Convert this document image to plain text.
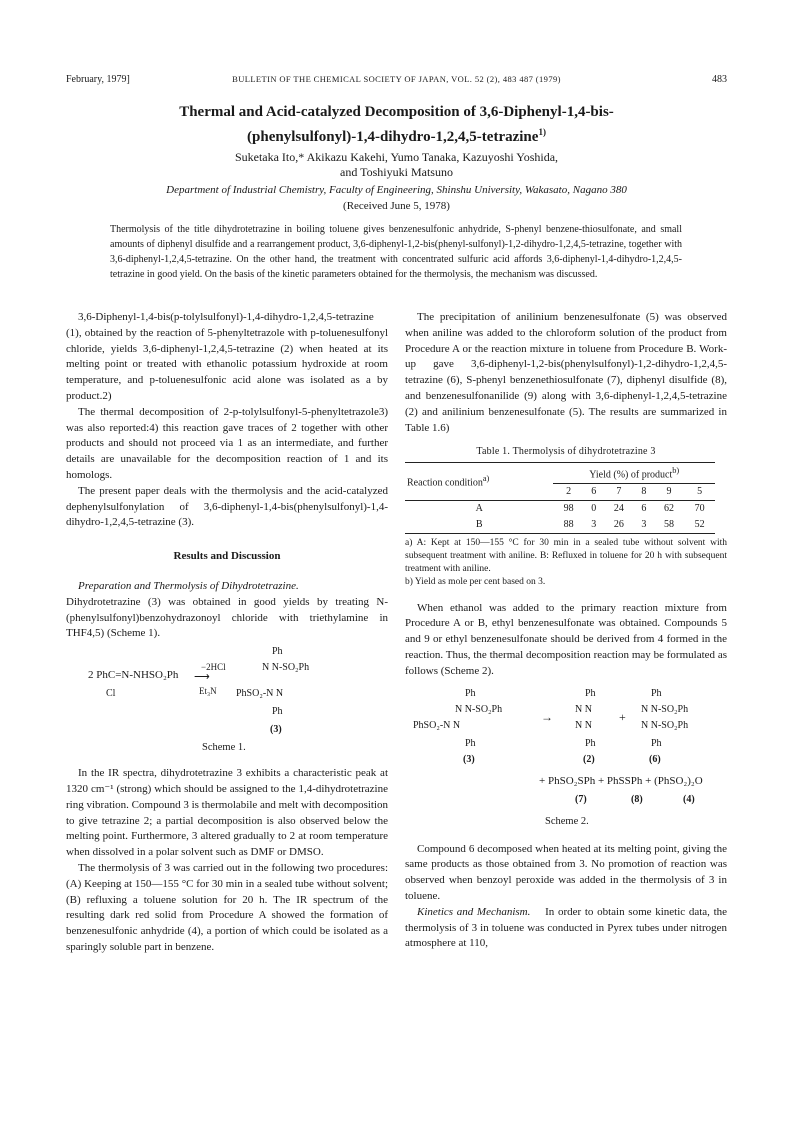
February, 1979]	BULLETIN OF THE CHEMICAL SOCIETY OF JAPAN, VOL. 52 (2), 483 487 (1979)	483
Thermal and Acid-catalyzed Decomposition of 3,6-Diphenyl-1,4-bis-
(phenylsulfonyl)-1,4-dihydro-1,2,4,5-tetrazine$^{1)}$
Suketaka Ito,* Akikazu Kakehi, Yumo Tanaka, Kazuyoshi Yoshida,
and Toshiyuki Matsuno
Department of Industrial Chemistry, Faculty of Engineering, Shinshu University, Wakasato, Nagano 380
(Received June 5, 1978)
Thermolysis of the title dihydrotetrazine in boiling toluene gives benzenesulfonic anhydride, S-phenyl benzene-thiosulfonate, and small amounts of diphenyl disulfide and a rearrangement product, 3,6-diphenyl-1,2-bis(phenyl-sulfonyl)-1,2-dihydro-1,2,4,5-tetrazine, together with 3,6-diphenyl-1,2,4,5-tetrazine. On the other hand, the treatment with concentrated sulfuric acid affords 3,6-diphenyl-1,4-dihydro-1,2,4,5-tetrazine in good yield. On the basis of the kinetic parameters obtained for the thermolysis, the mechanism was discussed.

3,6-Diphenyl-1,4-bis(p-tolylsulfonyl)-1,4-dihydro-1,2,4,5-tetrazine (1), obtained by the reaction of 5-phenyltetrazole with p-toluenesulfonyl chloride, yields 3,6-diphenyl-1,2,4,5-tetrazine (2) when heated at its melting point or treated with ethanolic potassium hydroxide at room temperature, and p-toluenesulfonic acid alone was isolated as a by product.2)

The thermal decomposition of 2-p-tolylsulfonyl-5-phenyltetrazole3) was also reported:4) this reaction gave traces of 2 together with other products and should not proceed via 1 as an intermediate, and further details are unavailable for the decomposition reaction of 1 and its homologs.

The present paper deals with the thermolysis and the acid-catalyzed dephenylsulfonylation of 3,6-diphenyl-1,4-bis(phenylsulfonyl)-1,4-dihydro-1,2,4,5-tetrazine (3).

Results and Discussion

Preparation and Thermolysis of Dihydrotetrazine.

Dihydrotetrazine (3) was obtained in good yields by treating N-(phenylsulfonyl)benzohydrazonoyl chloride with triethylamine in THF4,5) (Scheme 1).

Ph
N N-SO₂Ph
2 PhC=N-NHSO₂Ph
−2HCl
⟶
Et₃N PhSO₂-N N
Cl
Ph
(3)
Scheme 1.

In the IR spectra, dihydrotetrazine 3 exhibits a characteristic peak at 1320 cm⁻¹ (strong) which should be assigned to the 1,4-dihydrotetrazine ring vibration. Compound 3 is thermolabile and melt with decomposition to give tetrazine 2; a partial decomposition is also observed below the melting point. Furthermore, 3 altered gradually to 2 at room temperature when dissolved in a polar solvent such as DMF or DMSO.

The thermolysis of 3 was carried out in the following two procedures: (A) Keeping at 150—155 °C for 30 min in a sealed tube without solvent; (B) refluxing a toluene solution for 20 h. The IR spectrum of the resulting dark red solid from Procedure A showed the formation of benzenesulfonic anhydride (4), a portion of which could be isolated as a sparingly soluble part in benzene.

The precipitation of anilinium benzenesulfonate (5) was observed when aniline was added to the chloroform solution of the product from Procedure A or the reaction mixture in toluene from Procedure B. Work-up gave 3,6-diphenyl-1,2-bis(phenylsulfonyl)-1,2-dihydro-1,2,4,5-tetrazine (6), S-phenyl benzenethiosulfonate (7), diphenyl disulfide (8), and benzenesulfonanilide (9) along with 3,6-diphenyl-1,2,4,5-tetrazine (2) and anilinium benzenesulfonate (5). The results are summarized in Table 1.6)

Table 1. Thermolysis of dihydrotetrazine 3
Reaction condition$^{a)}$	Yield (%) of product$^{b)}$
	2	6	7	8	9	5
A	98	0	24	6	62	70
B	88	3	26	3	58	52
a) A: Kept at 150—155 °C for 30 min in a sealed tube without solvent with subsequent treatment with aniline. B: Refluxed in toluene for 20 h with subsequent treatment with aniline.
b) Yield as mole per cent based on 3.

When ethanol was added to the primary reaction mixture from Procedure A or B, ethyl benzenesulfonate was obtained. Compounds 5 and 9 or ethyl benzenesulfonate should be derived from 4 formed in the reaction. Thus, the thermal decomposition reaction may be formulated as follows (Scheme 2).

Ph	Ph	Ph
N N-SO₂Ph	N N	N N-SO₂Ph
→	+
PhSO₂-N N	N N	N N-SO₂Ph
Ph	Ph	Ph
(3)	(2)	(6)
+ PhSO₂SPh + PhSSPh + (PhSO₂)₂O
(7)	(8)	(4)
Scheme 2.

Compound 6 decomposed when heated at its melting point, giving the same products as those obtained from 3. No promotion of reaction was observed when benzoyl peroxide was added in the thermolysis of 3 in toluene.

Kinetics and Mechanism. In order to obtain some kinetic data, the thermolysis of 3 in toluene was conducted in Pyrex tubes under nitrogen atmosphere at 110,
